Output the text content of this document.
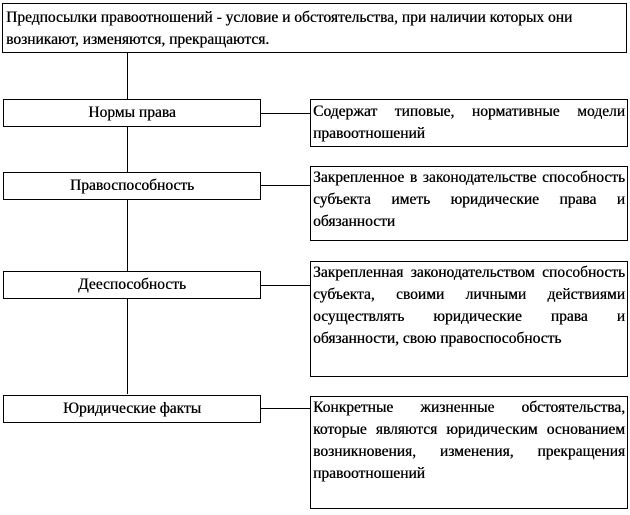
Предпосылки правоотношений - условие и обстоятельства, при наличии которых они возникают, изменяются, прекращаются.
Нормы права
Правоспособность
Дееспособность
Юридические факты
Содержат типовые, нормативные модели правоотношений
Закрепленное в законодательстве способность субъекта иметь юридические права и обязанности
Закрепленная законодательством способность субъекта, своими личными действиями осуществлять юридические права и обязанности, свою правоспособность
Конкретные жизненные обстоятельства, которые являются юридическим основанием возникновения, изменения, прекращения правоотношений
